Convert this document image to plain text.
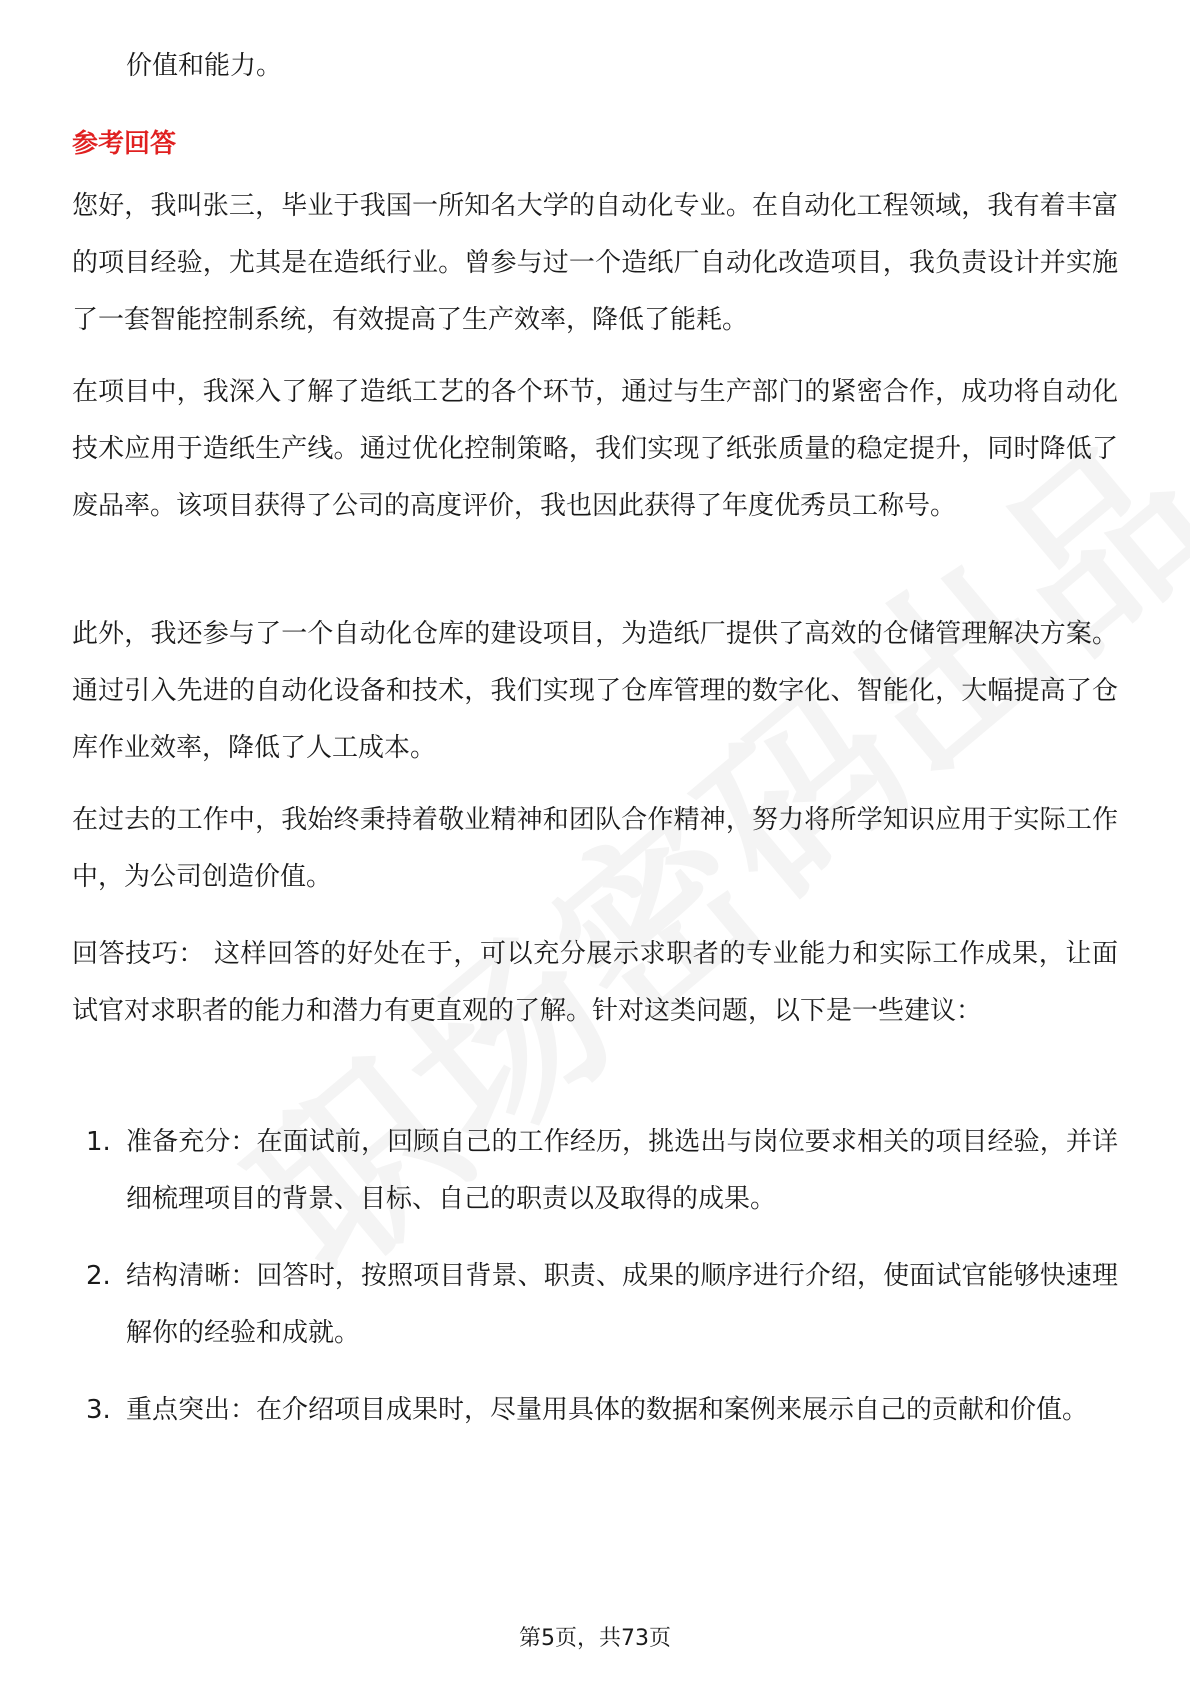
价值和能力。

参考回答

您好，我叫张三，毕业于我国一所知名大学的自动化专业。在自动化工程领域，我有着丰富的项目经验，尤其是在造纸行业。曾参与过一个造纸厂自动化改造项目，我负责设计并实施了一套智能控制系统，有效提高了生产效率，降低了能耗。

在项目中，我深入了解了造纸工艺的各个环节，通过与生产部门的紧密合作，成功将自动化技术应用于造纸生产线。通过优化控制策略，我们实现了纸张质量的稳定提升，同时降低了废品率。该项目获得了公司的高度评价，我也因此获得了年度优秀员工称号。

此外，我还参与了一个自动化仓库的建设项目，为造纸厂提供了高效的仓储管理解决方案。通过引入先进的自动化设备和技术，我们实现了仓库管理的数字化、智能化，大幅提高了仓库作业效率，降低了人工成本。

在过去的工作中，我始终秉持着敬业精神和团队合作精神，努力将所学知识应用于实际工作中，为公司创造价值。

回答技巧： 这样回答的好处在于，可以充分展示求职者的专业能力和实际工作成果，让面试官对求职者的能力和潜力有更直观的了解。针对这类问题，以下是一些建议：

1. 准备充分：在面试前，回顾自己的工作经历，挑选出与岗位要求相关的项目经验，并详细梳理项目的背景、目标、自己的职责以及取得的成果。
2. 结构清晰：回答时，按照项目背景、职责、成果的顺序进行介绍，使面试官能够快速理解你的经验和成就。
3. 重点突出：在介绍项目成果时，尽量用具体的数据和案例来展示自己的贡献和价值。
第5页，共73页
